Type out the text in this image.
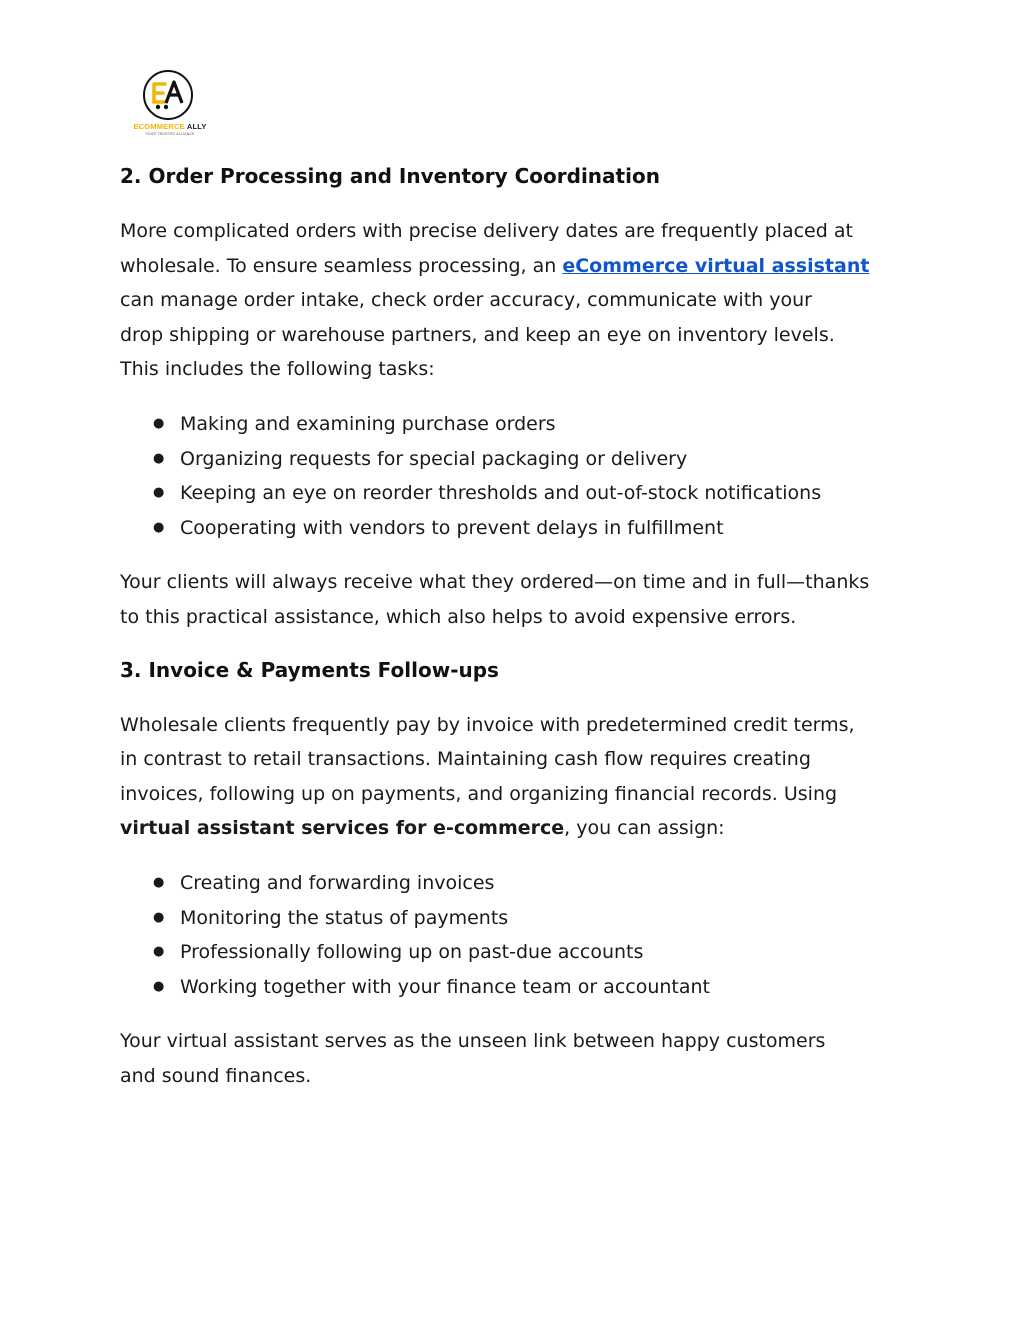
ECOMMERCE ALLY
YOUR TRUSTED ALLIANCE
2. Order Processing and Inventory Coordination

More complicated orders with precise delivery dates are frequently placed at
wholesale. To ensure seamless processing, an eCommerce virtual assistant
can manage order intake, check order accuracy, communicate with your
drop shipping or warehouse partners, and keep an eye on inventory levels.
This includes the following tasks:

● Making and examining purchase orders
● Organizing requests for special packaging or delivery
● Keeping an eye on reorder thresholds and out-of-stock notifications
● Cooperating with vendors to prevent delays in fulfillment

Your clients will always receive what they ordered—on time and in full—thanks
to this practical assistance, which also helps to avoid expensive errors.

3. Invoice & Payments Follow-ups

Wholesale clients frequently pay by invoice with predetermined credit terms,
in contrast to retail transactions. Maintaining cash flow requires creating
invoices, following up on payments, and organizing financial records. Using
virtual assistant services for e-commerce, you can assign:

● Creating and forwarding invoices
● Monitoring the status of payments
● Professionally following up on past-due accounts
● Working together with your finance team or accountant

Your virtual assistant serves as the unseen link between happy customers
and sound finances.
